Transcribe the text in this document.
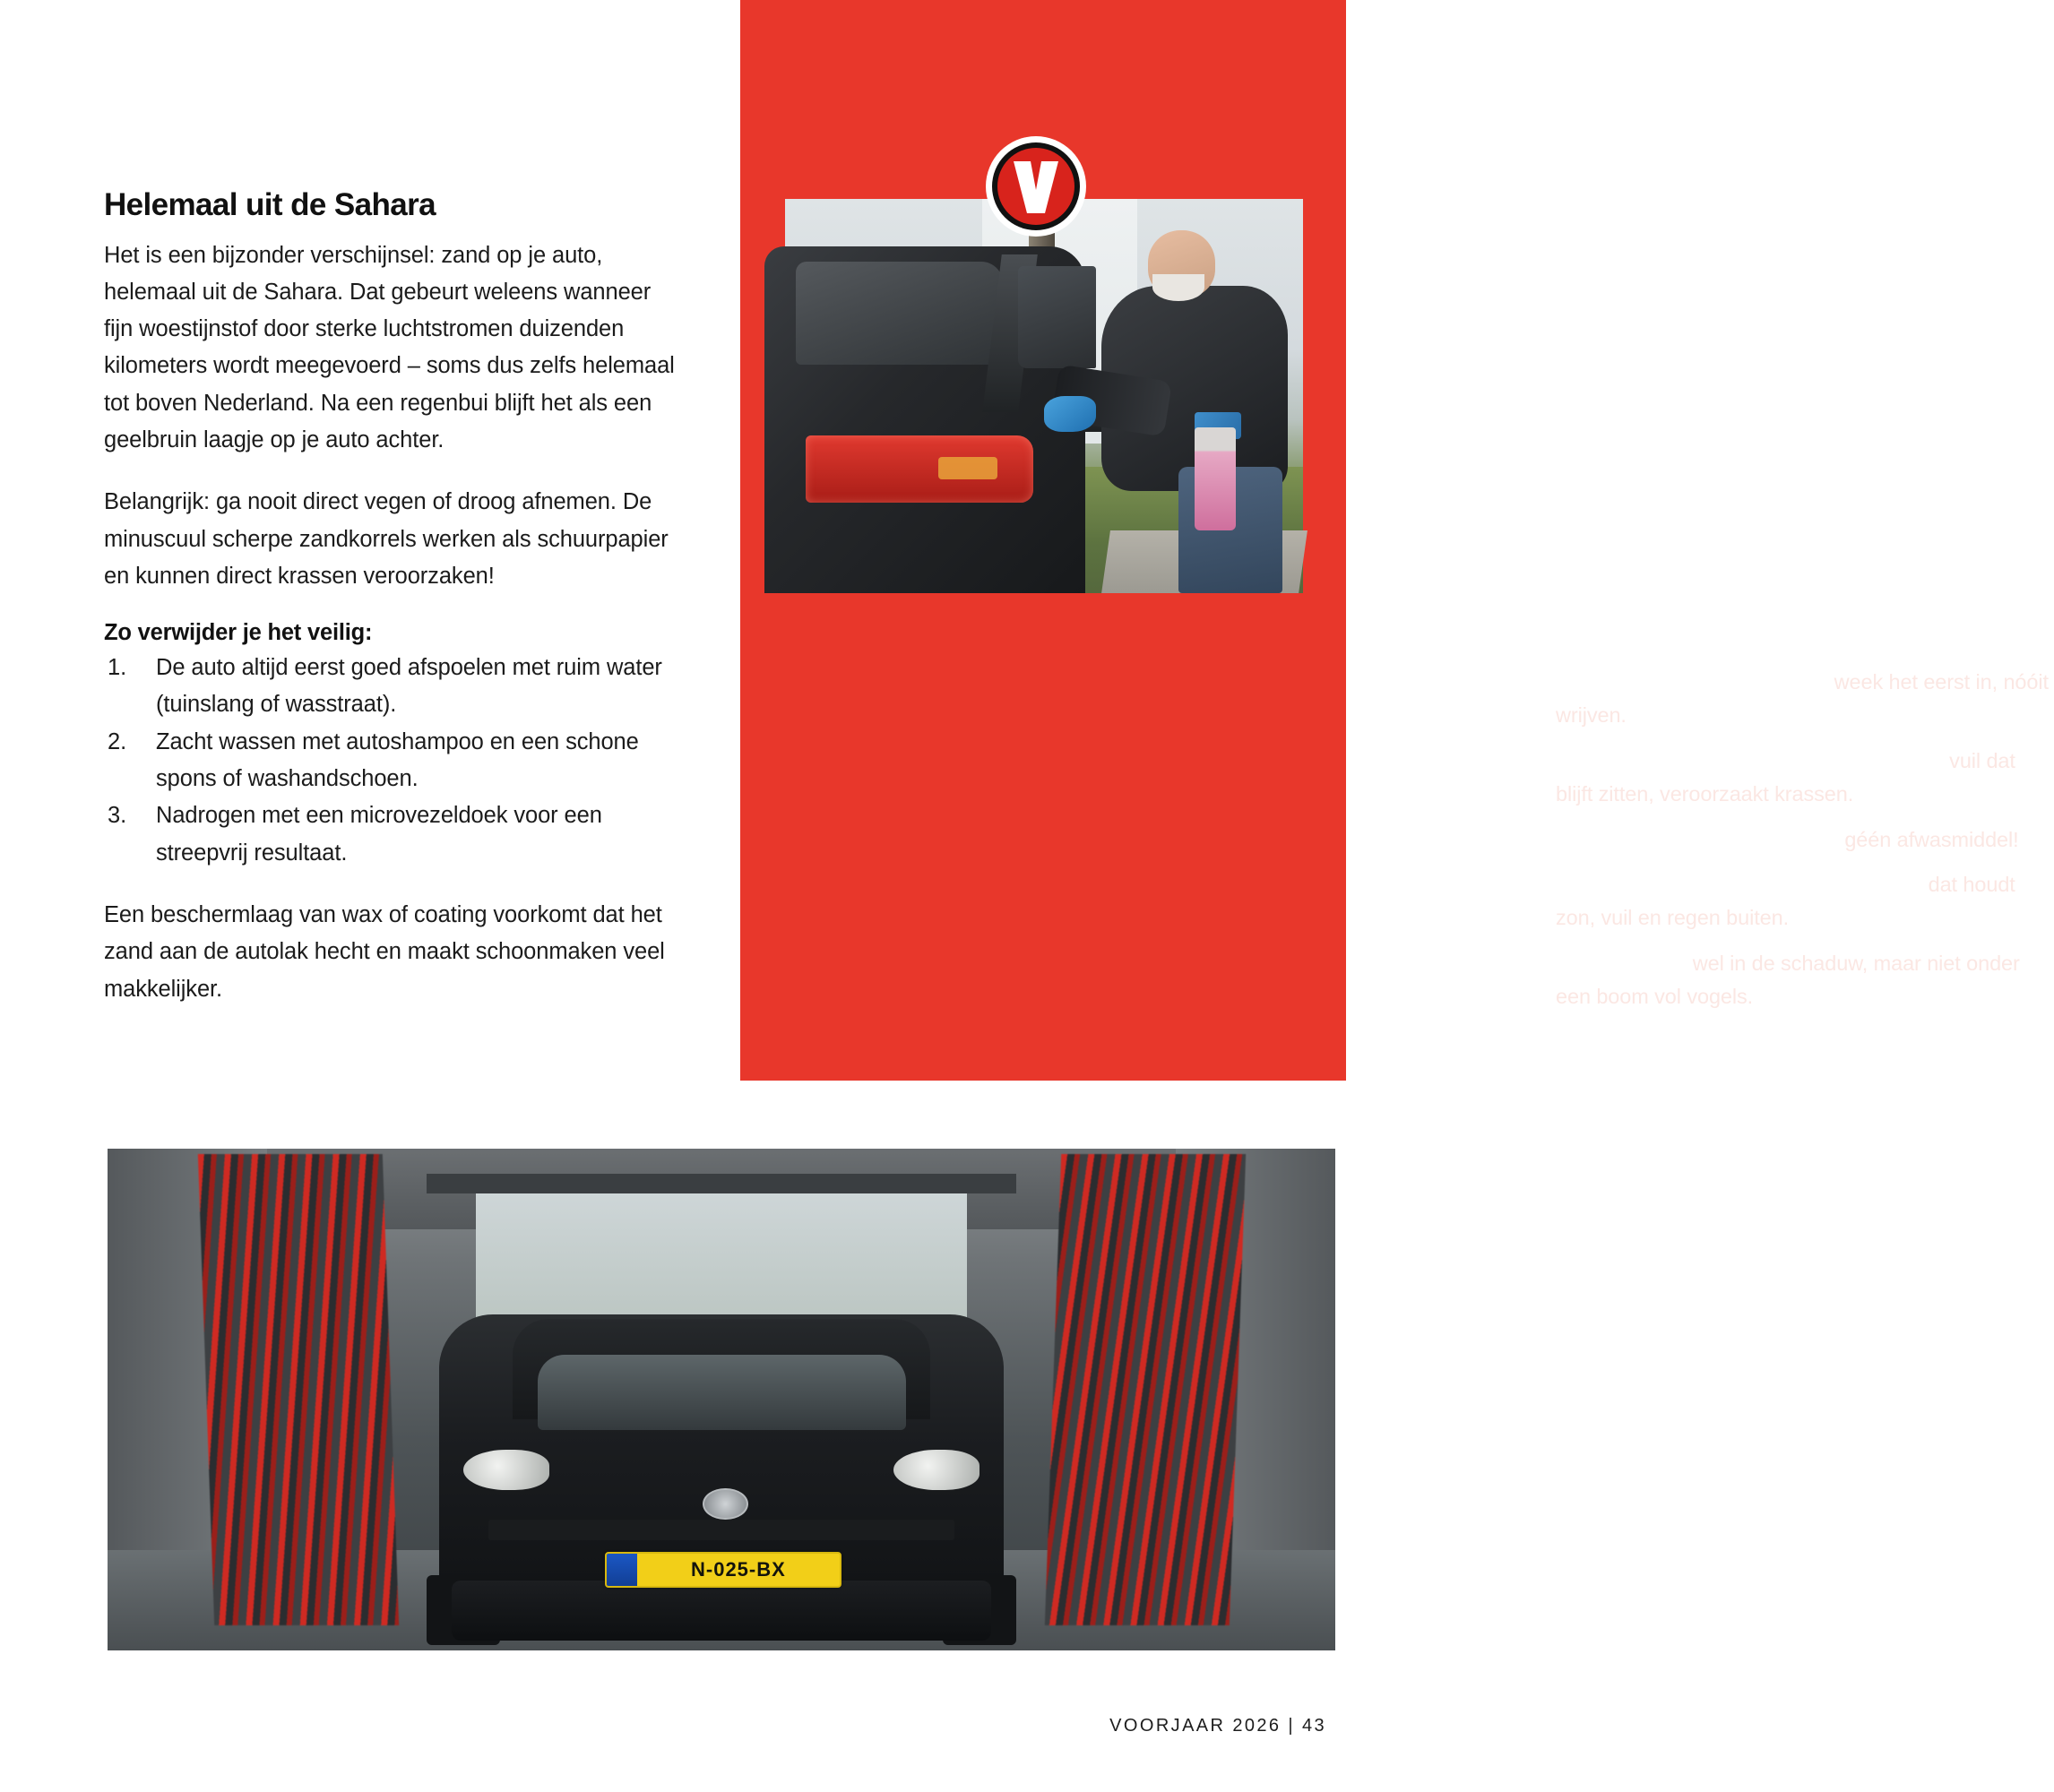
Helemaal uit de Sahara

Het is een bijzonder verschijnsel: zand op je auto, helemaal uit de Sahara. Dat gebeurt weleens wanneer fijn woestijnstof door sterke luchtstromen duizenden kilometers wordt meegevoerd – soms dus zelfs helemaal tot boven Nederland. Na een regenbui blijft het als een geelbruin laagje op je auto achter.

Belangrijk: ga nooit direct vegen of droog afnemen. De minuscuul scherpe zandkorrels werken als schuurpapier en kunnen direct krassen veroorzaken!

Zo verwijder je het veilig:

1.	De auto altijd eerst goed afspoelen met ruim water (tuinslang of wasstraat).
2.	Zacht wassen met autoshampoo en een schone spons of washandschoen.
3.	Nadrogen met een microvezeldoek voor een streepvrij resultaat.

Een beschermlaag van wax of coating voorkomt dat het zand aan de autolak hecht en maakt schoonmaken veel makkelijker.

Tips van de Vakgarage-expert
Verwijder vogelpoep direct: week het eerst in, nóóit wrijven.
Was de auto liever vaker dan te weinig: vuil dat blijft zitten, veroorzaakt krassen.
Gebruik altijd autoshampoo: géén afwasmiddel!
Bescherm de lak met wax of coating: dat houdt zon, vuil en regen buiten.
Parkeer slim: wel in de schaduw, maar niet onder een boom vol vogels.
N-025-BX
VOORJAAR 2026 | 43
